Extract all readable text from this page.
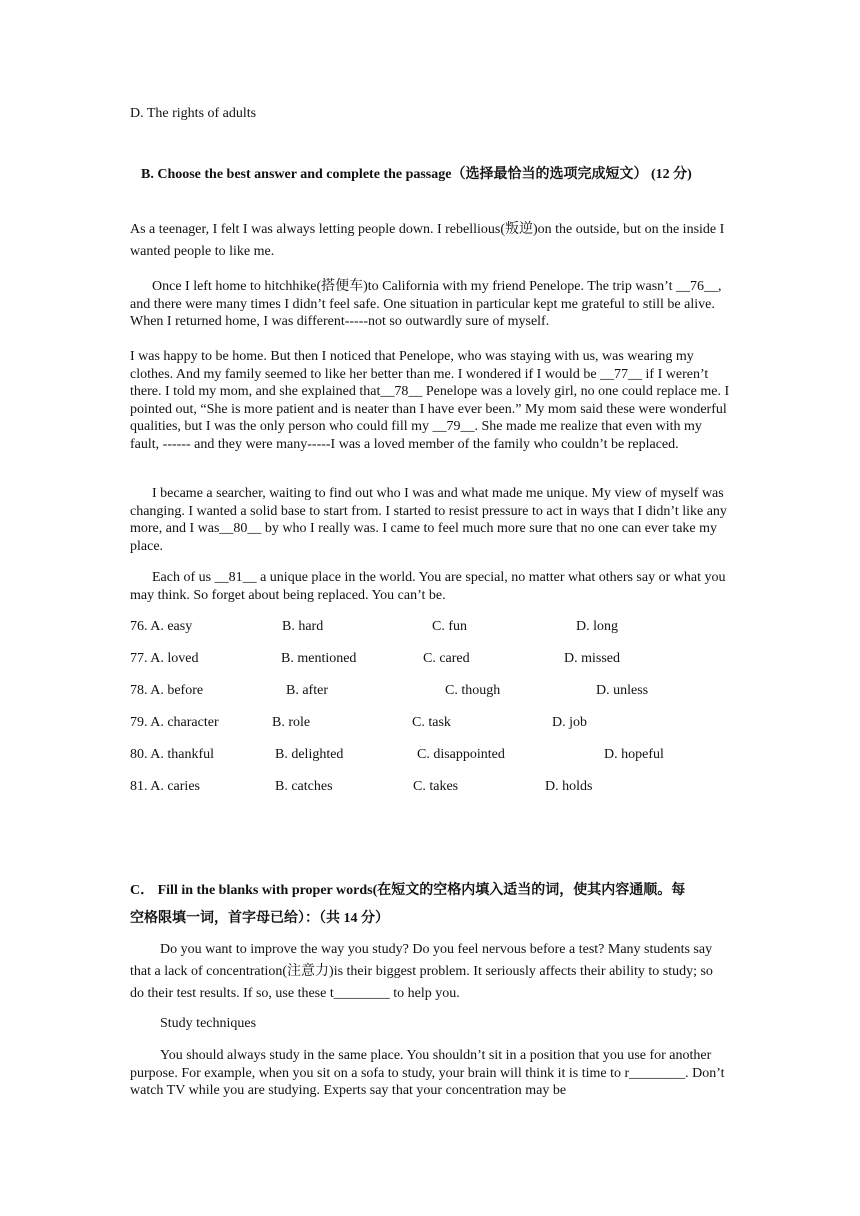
D. The rights of adults
B. Choose the best answer and complete the passage（选择最恰当的选项完成短文） (12 分)
As a teenager, I felt I was always letting people down. I rebellious(叛逆)on the outside, but on the inside I wanted people to like me.
Once I left home to hitchhike(搭便车)to California with my friend Penelope. The trip wasn’t __76__, and there were many times I didn’t feel safe. One situation in particular kept me grateful to still be alive. When I returned home, I was different-----not so outwardly sure of myself.
I was happy to be home. But then I noticed that Penelope, who was staying with us, was wearing my clothes. And my family seemed to like her better than me. I wondered if I would be __77__ if I weren’t there. I told my mom, and she explained that__78__ Penelope was a lovely girl, no one could replace me. I pointed out, “She is more patient and is neater than I have ever been.” My mom said these were wonderful qualities, but I was the only person who could fill my __79__. She made me realize that even with my fault, ------ and they were many-----I was a loved member of the family who couldn’t be replaced.
I became a searcher, waiting to find out who I was and what made me unique. My view of myself was changing. I wanted a solid base to start from. I started to resist pressure to act in ways that I didn’t like any more, and I was__80__ by who I really was. I came to feel much more sure that no one can ever take my place.
Each of us __81__ a unique place in the world. You are special, no matter what others say or what you may think. So forget about being replaced. You can’t be.
76. A. easy	B. hard	C. fun	D. long
77. A. loved	B. mentioned	C. cared	D. missed
78. A. before	B. after	C. though	D. unless
79. A. character	B. role	C. task	D. job
80. A. thankful	B. delighted	C. disappointed	D. hopeful
81. A. caries	B. catches	C. takes	D. holds
C． Fill in the blanks with proper words(在短文的空格内填入适当的词，使其内容通顺。每
空格限填一词，首字母已给）：（共 14 分）
Do you want to improve the way you study? Do you feel nervous before a test? Many students say that a lack of concentration(注意力)is their biggest problem. It seriously affects their ability to study; so do their test results. If so, use these t________ to help you.
Study techniques
You should always study in the same place. You shouldn’t sit in a position that you use for another purpose. For example, when you sit on a sofa to study, your brain will think it is time to r________. Don’t watch TV while you are studying. Experts say that your concentration may be
